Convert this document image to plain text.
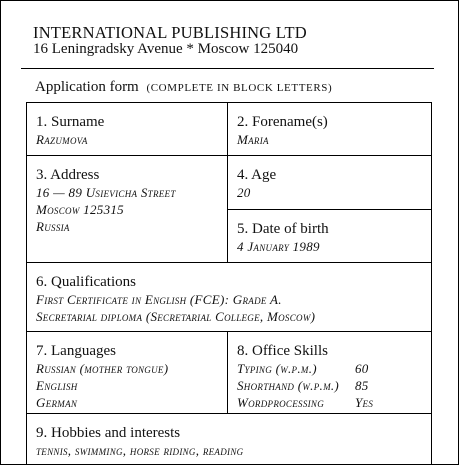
INTERNATIONAL PUBLISHING LTD
16 Leningradsky Avenue * Moscow 125040
Application form (COMPLETE IN BLOCK LETTERS)
1. Surname
Razumova
2. Forename(s)
Maria
3. Address
16 — 89 Usievicha Street
Moscow 125315
Russia
4. Age
20
5. Date of birth
4 January 1989
6. Qualifications
First Certificate in English (FCE): Grade A.
Secretarial diploma (Secretarial College, Moscow)
7. Languages
Russian (mother tongue)
English
German
8. Office Skills
Typing (w.p.m.)	60
Shorthand (w.p.m.)	85
Wordprocessing	Yes
9. Hobbies and interests
tennis, swimming, horse riding, reading
